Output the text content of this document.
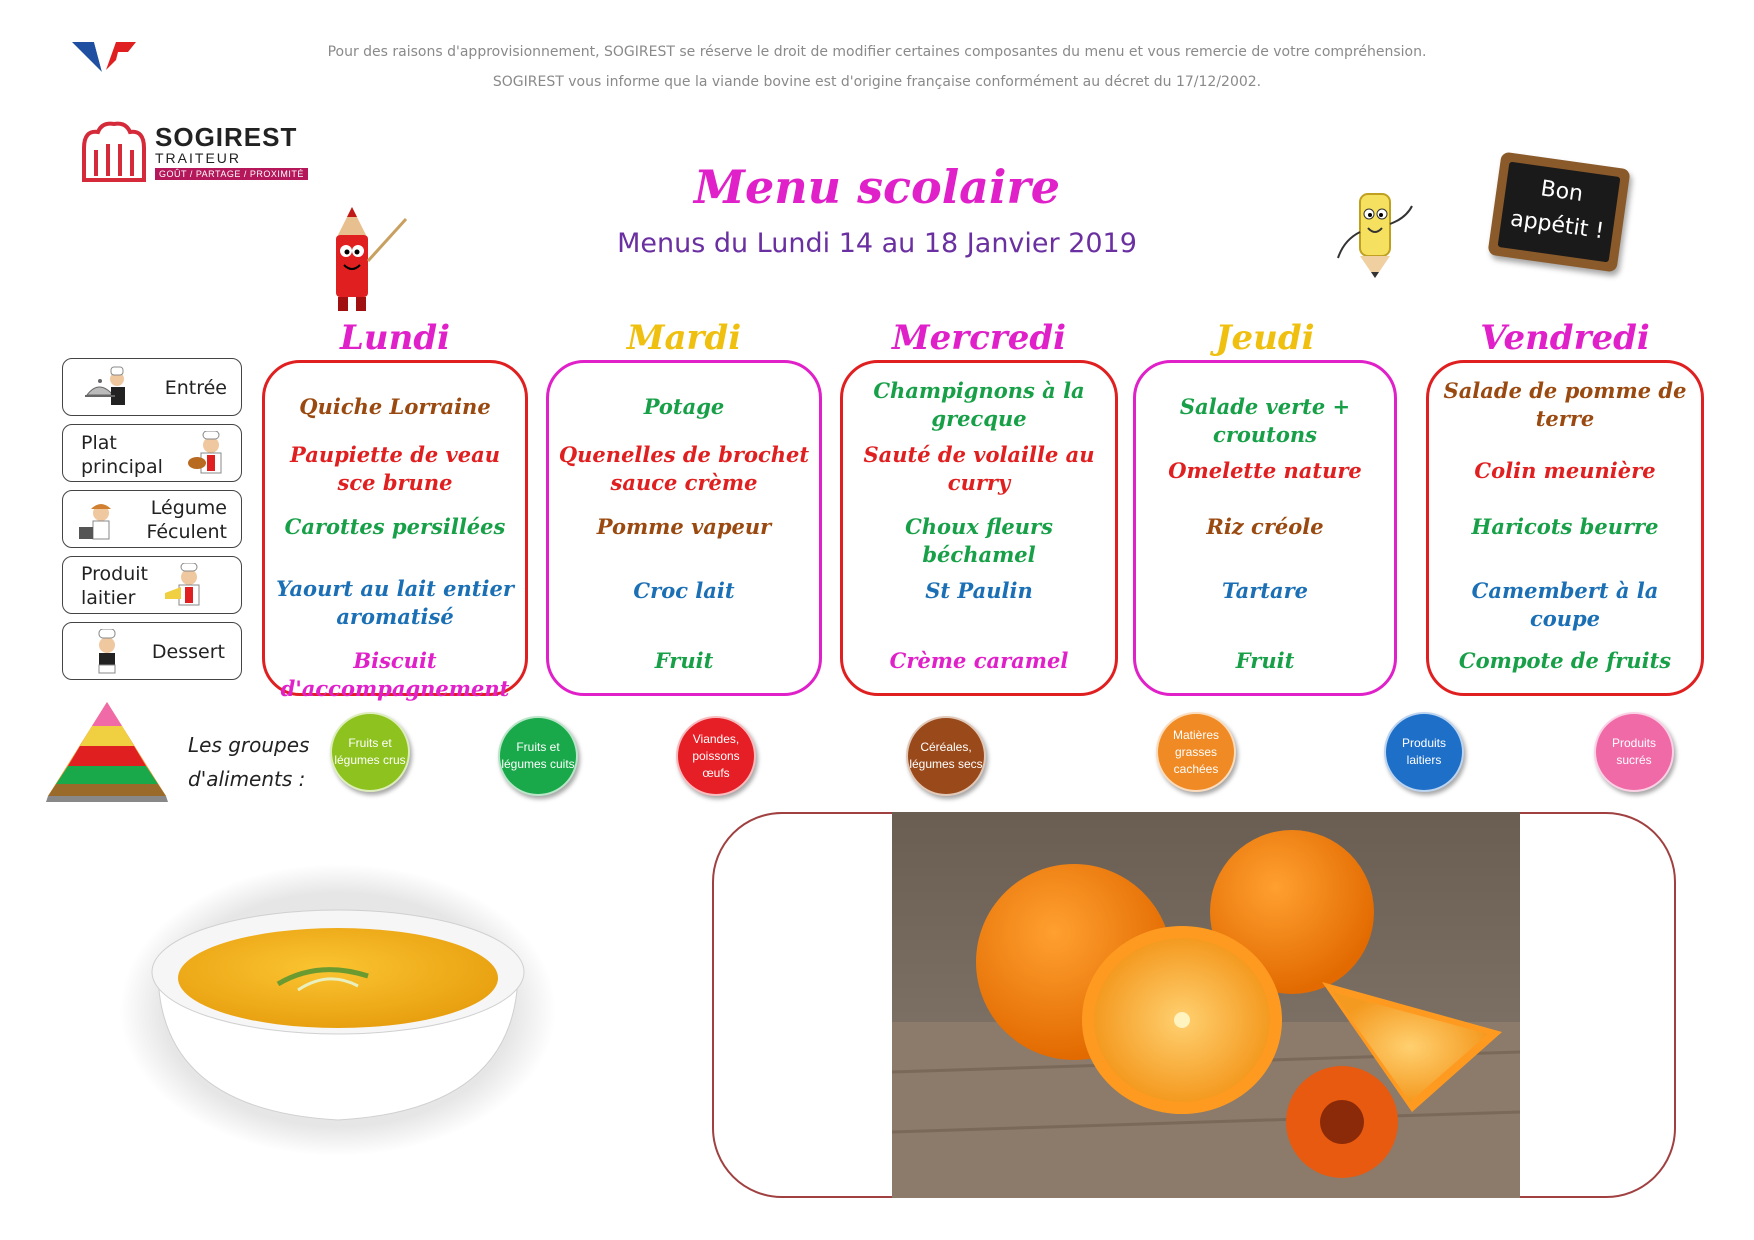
Pour des raisons d'approvisionnement, SOGIREST se réserve le droit de modifier certaines composantes du menu et vous remercie de votre compréhension.
SOGIREST vous informe que la viande bovine est d'origine française conformément au décret du 17/12/2002.
SOGIREST
TRAITEUR
GOÛT / PARTAGE / PROXIMITÉ	Menu scolaire
Menus du Lundi 14 au 18 Janvier 2019
Bon
appétit !
Entrée
Plat principal
Légume Féculent
Produit laitier
Dessert
Lundi
Quiche Lorraine
Paupiette de veau sce brune
Carottes persillées
Yaourt au lait entier aromatisé
Biscuit d'accompagnement
Mardi
Potage
Quenelles de brochet sauce crème
Pomme vapeur
Croc lait
Fruit
Mercredi
Champignons à la grecque
Sauté de volaille au curry
Choux fleurs béchamel
St Paulin
Crème caramel
Jeudi
Salade verte + croutons
Omelette nature
Riz créole
Tartare
Fruit
Vendredi
Salade de pomme de terre
Colin meunière
Haricots beurre
Camembert à la coupe
Compote de fruits
Les groupes
d'aliments :
Fruits et légumes crus
Fruits et légumes cuits
Viandes, poissons œufs
Céréales, légumes secs
Matières grasses cachées
Produits laitiers
Produits sucrés
